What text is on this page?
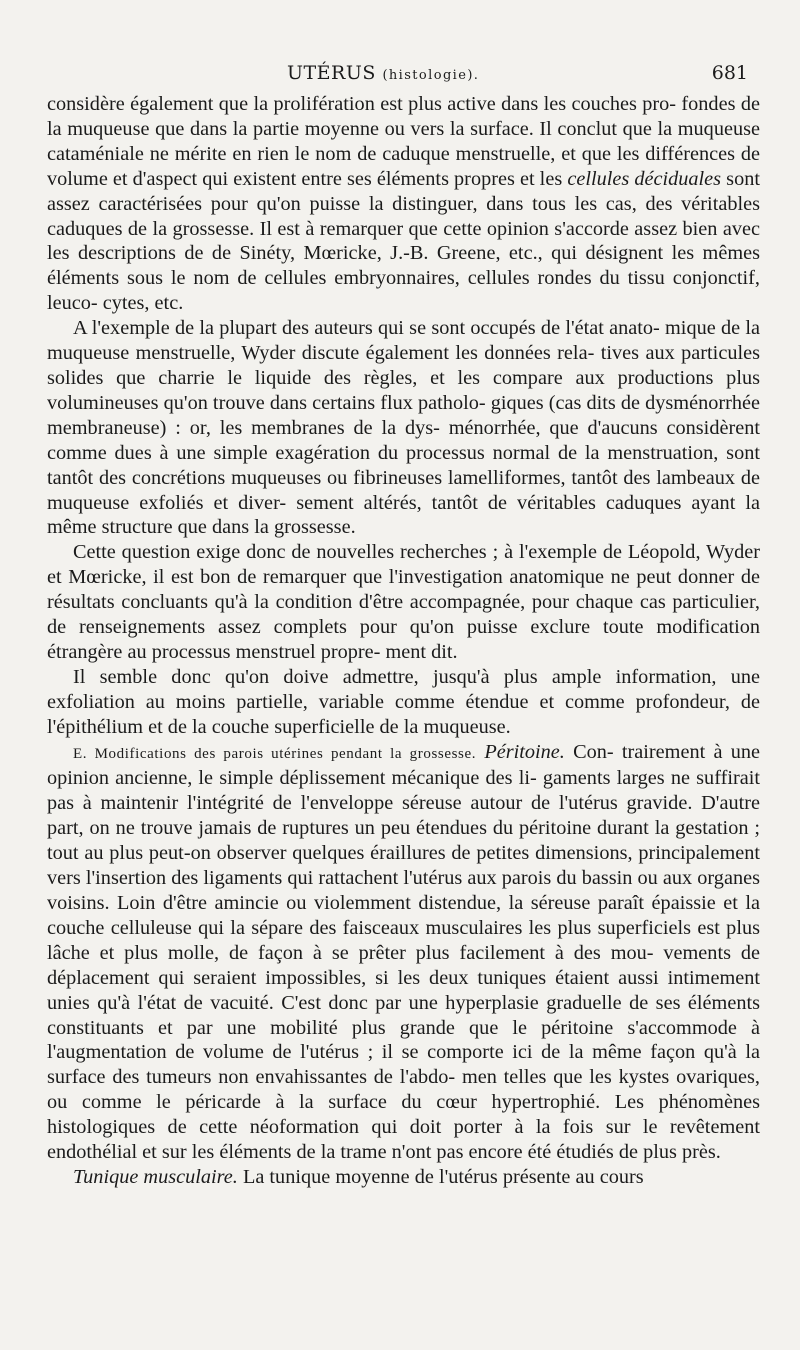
UTÉRUS (histologie).	681

considère également que la prolifération est plus active dans les couches pro- fondes de la muqueuse que dans la partie moyenne ou vers la surface. Il conclut que la muqueuse cataméniale ne mérite en rien le nom de caduque menstruelle, et que les différences de volume et d'aspect qui existent entre ses éléments propres et les cellules déciduales sont assez caractérisées pour qu'on puisse la distinguer, dans tous les cas, des véritables caduques de la grossesse. Il est à remarquer que cette opinion s'accorde assez bien avec les descriptions de de Sinéty, Mœricke, J.-B. Greene, etc., qui désignent les mêmes éléments sous le nom de cellules embryonnaires, cellules rondes du tissu conjonctif, leuco- cytes, etc.

A l'exemple de la plupart des auteurs qui se sont occupés de l'état anato- mique de la muqueuse menstruelle, Wyder discute également les données rela- tives aux particules solides que charrie le liquide des règles, et les compare aux productions plus volumineuses qu'on trouve dans certains flux patholo- giques (cas dits de dysménorrhée membraneuse) : or, les membranes de la dys- ménorrhée, que d'aucuns considèrent comme dues à une simple exagération du processus normal de la menstruation, sont tantôt des concrétions muqueuses ou fibrineuses lamelliformes, tantôt des lambeaux de muqueuse exfoliés et diver- sement altérés, tantôt de véritables caduques ayant la même structure que dans la grossesse.

Cette question exige donc de nouvelles recherches ; à l'exemple de Léopold, Wyder et Mœricke, il est bon de remarquer que l'investigation anatomique ne peut donner de résultats concluants qu'à la condition d'être accompagnée, pour chaque cas particulier, de renseignements assez complets pour qu'on puisse exclure toute modification étrangère au processus menstruel propre- ment dit.

Il semble donc qu'on doive admettre, jusqu'à plus ample information, une exfoliation au moins partielle, variable comme étendue et comme profondeur, de l'épithélium et de la couche superficielle de la muqueuse.

E. Modifications des parois utérines pendant la grossesse. Péritoine. Con- trairement à une opinion ancienne, le simple déplissement mécanique des li- gaments larges ne suffirait pas à maintenir l'intégrité de l'enveloppe séreuse autour de l'utérus gravide. D'autre part, on ne trouve jamais de ruptures un peu étendues du péritoine durant la gestation ; tout au plus peut-on observer quelques éraillures de petites dimensions, principalement vers l'insertion des ligaments qui rattachent l'utérus aux parois du bassin ou aux organes voisins. Loin d'être amincie ou violemment distendue, la séreuse paraît épaissie et la couche celluleuse qui la sépare des faisceaux musculaires les plus superficiels est plus lâche et plus molle, de façon à se prêter plus facilement à des mou- vements de déplacement qui seraient impossibles, si les deux tuniques étaient aussi intimement unies qu'à l'état de vacuité. C'est donc par une hyperplasie graduelle de ses éléments constituants et par une mobilité plus grande que le péritoine s'accommode à l'augmentation de volume de l'utérus ; il se comporte ici de la même façon qu'à la surface des tumeurs non envahissantes de l'abdo- men telles que les kystes ovariques, ou comme le péricarde à la surface du cœur hypertrophié. Les phénomènes histologiques de cette néoformation qui doit porter à la fois sur le revêtement endothélial et sur les éléments de la trame n'ont pas encore été étudiés de plus près.

Tunique musculaire. La tunique moyenne de l'utérus présente au cours
